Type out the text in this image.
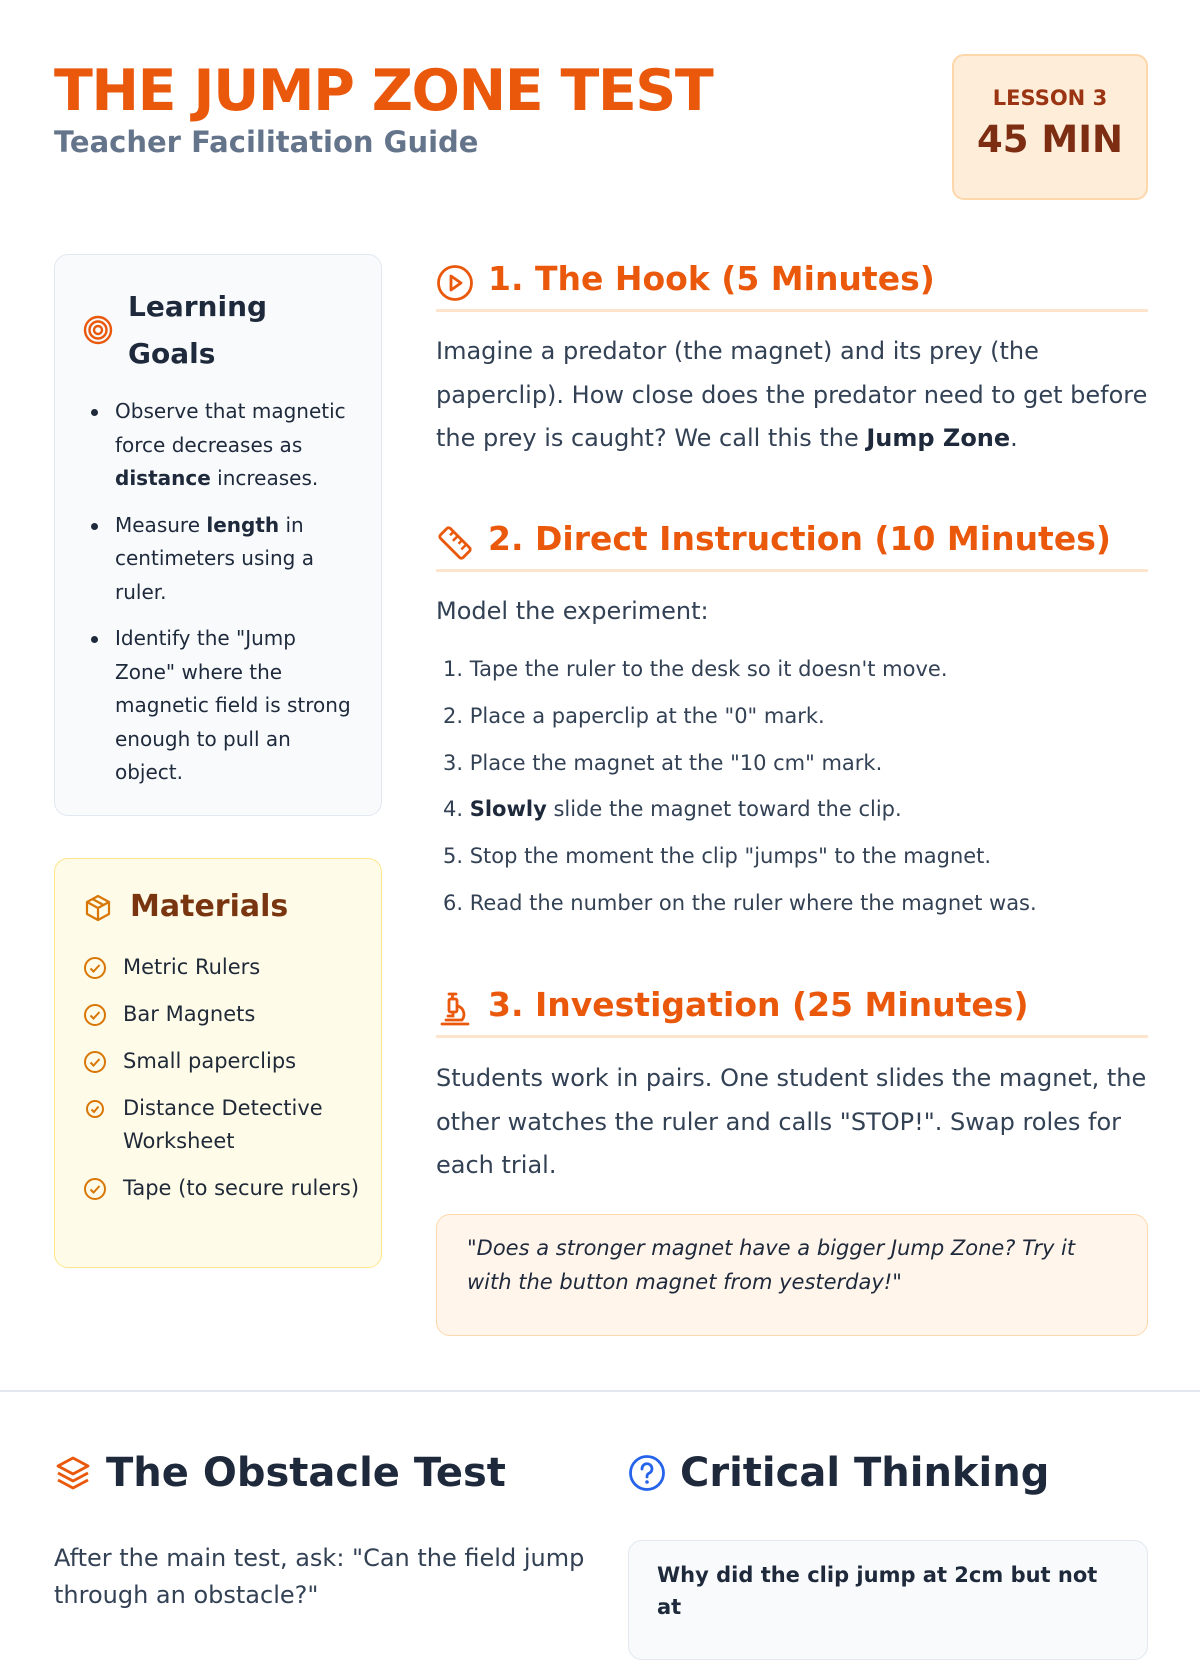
THE JUMP ZONE TEST
Teacher Facilitation Guide
LESSON 3
45 MIN
Learning Goals
Observe that magnetic force decreases as distance increases.
Measure length in centimeters using a ruler.
Identify the "Jump Zone" where the magnetic field is strong enough to pull an object.
Materials
Metric Rulers
Bar Magnets
Small paperclips
Distance Detective Worksheet
Tape (to secure rulers)
1. The Hook (5 Minutes)

Imagine a predator (the magnet) and its prey (the paperclip). How close does the predator need to get before the prey is caught? We call this the Jump Zone.

2. Direct Instruction (10 Minutes)

Model the experiment:

1. Tape the ruler to the desk so it doesn't move.
2. Place a paperclip at the "0" mark.
3. Place the magnet at the "10 cm" mark.
4. Slowly slide the magnet toward the clip.
5. Stop the moment the clip "jumps" to the magnet.
6. Read the number on the ruler where the magnet was.
3. Investigation (25 Minutes)

Students work in pairs. One student slides the magnet, the other watches the ruler and calls "STOP!". Swap roles for each trial.

"Does a stronger magnet have a bigger Jump Zone? Try it with the button magnet from yesterday!"

The Obstacle Test

After the main test, ask: "Can the field jump through an obstacle?"

Critical Thinking

Why did the clip jump at 2cm but not at
